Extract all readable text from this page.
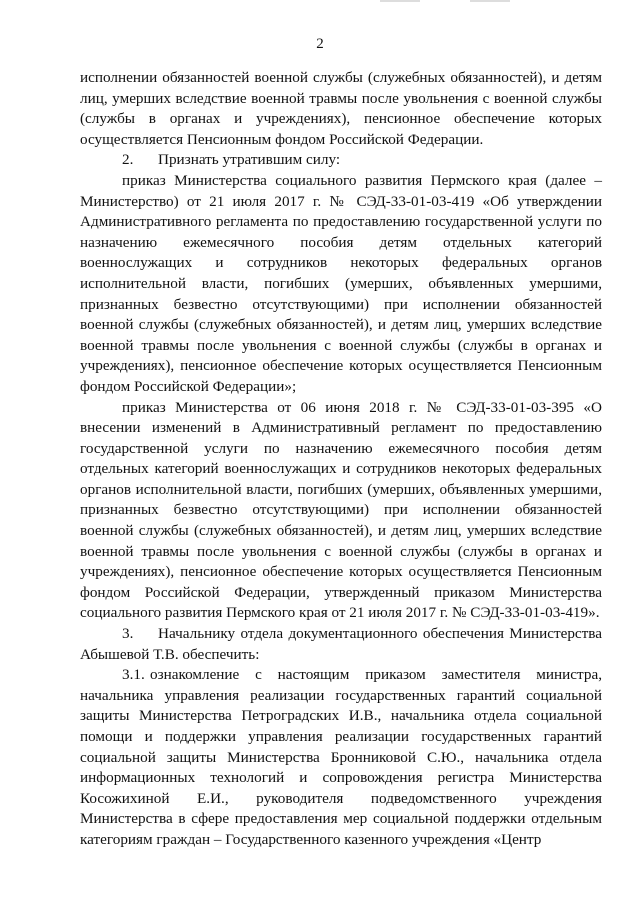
2

исполнении обязанностей военной службы (служебных обязанностей), и детям лиц, умерших вследствие военной травмы после увольнения с военной службы (службы в органах и учреждениях), пенсионное обеспечение которых осуществляется Пенсионным фондом Российской Федерации.

2. Признать утратившим силу:

приказ Министерства социального развития Пермского края (далее – Министерство) от 21 июля 2017 г. № СЭД-33-01-03-419 «Об утверждении Административного регламента по предоставлению государственной услуги по назначению ежемесячного пособия детям отдельных категорий военнослужащих и сотрудников некоторых федеральных органов исполнительной власти, погибших (умерших, объявленных умершими, признанных безвестно отсутствующими) при исполнении обязанностей военной службы (служебных обязанностей), и детям лиц, умерших вследствие военной травмы после увольнения с военной службы (службы в органах и учреждениях), пенсионное обеспечение которых осуществляется Пенсионным фондом Российской Федерации»;

приказ Министерства от 06 июня 2018 г. № СЭД-33-01-03-395 «О внесении изменений в Административный регламент по предоставлению государственной услуги по назначению ежемесячного пособия детям отдельных категорий военнослужащих и сотрудников некоторых федеральных органов исполнительной власти, погибших (умерших, объявленных умершими, признанных безвестно отсутствующими) при исполнении обязанностей военной службы (служебных обязанностей), и детям лиц, умерших вследствие военной травмы после увольнения с военной службы (службы в органах и учреждениях), пенсионное обеспечение которых осуществляется Пенсионным фондом Российской Федерации, утвержденный приказом Министерства социального развития Пермского края от 21 июля 2017 г. № СЭД-33-01-03-419».

3. Начальнику отдела документационного обеспечения Министерства Абышевой Т.В. обеспечить:

3.1. ознакомление с настоящим приказом заместителя министра, начальника управления реализации государственных гарантий социальной защиты Министерства Петроградских И.В., начальника отдела социальной помощи и поддержки управления реализации государственных гарантий социальной защиты Министерства Бронниковой С.Ю., начальника отдела информационных технологий и сопровождения регистра Министерства Косожихиной Е.И., руководителя подведомственного учреждения Министерства в сфере предоставления мер социальной поддержки отдельным категориям граждан – Государственного казенного учреждения «Центр
